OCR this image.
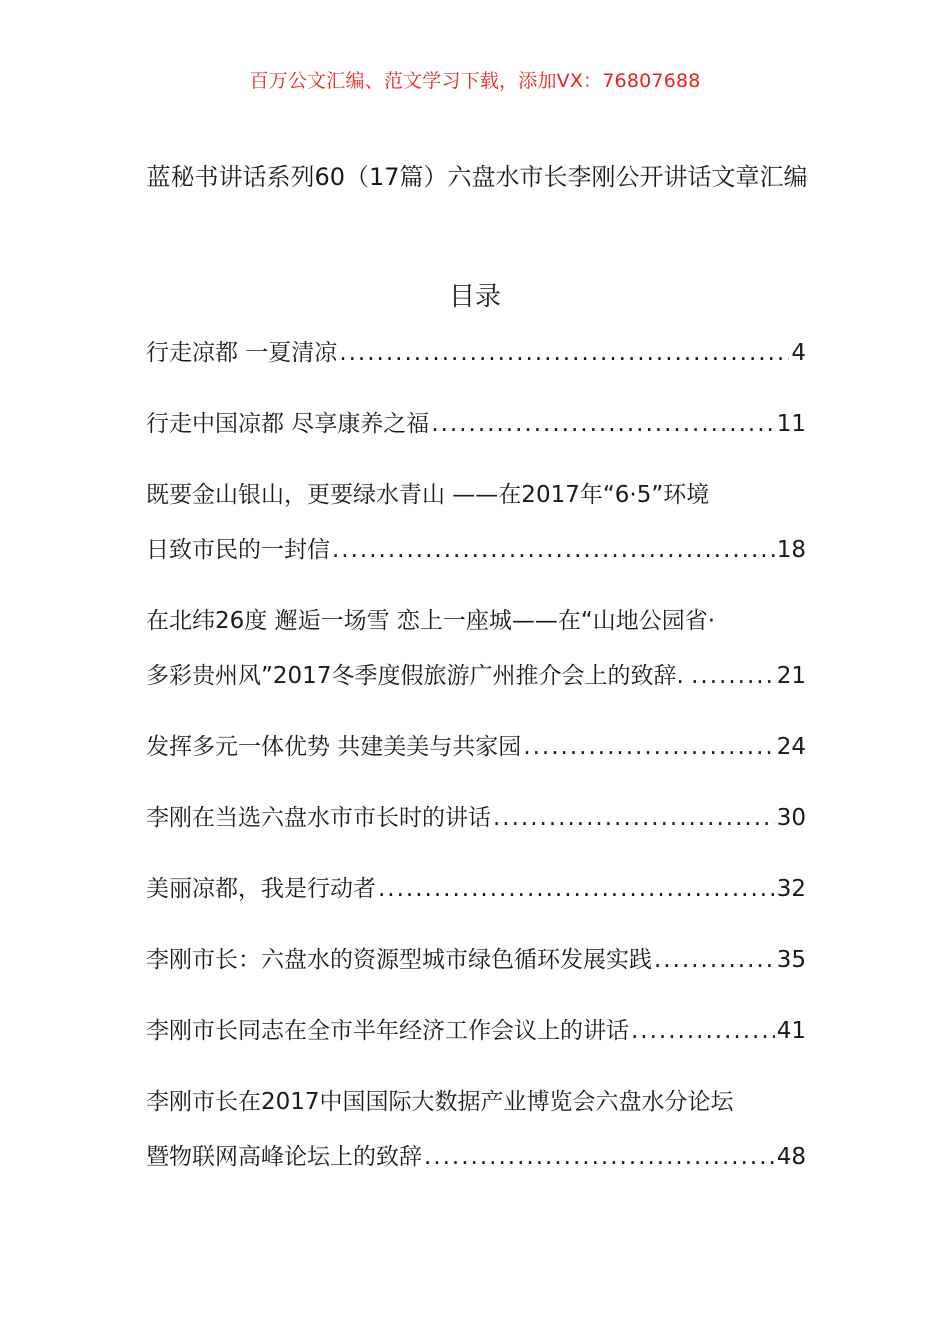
百万公文汇编、范文学习下载，添加VX：76807688
蓝秘书讲话系列60（17篇）六盘水市长李刚公开讲话文章汇编
目录
行走凉都 一夏清凉 .....	4
行走中国凉都 尽享康养之福 .....	11
既要金山银山，更要绿水青山 ——在2017年“6·5”环境
日致市民的一封信 .....	18
在北纬26度 邂逅一场雪 恋上一座城——在“山地公园省·
多彩贵州风”2017冬季度假旅游广州推介会上的致辞. . .....	21
发挥多元一体优势 共建美美与共家园 .....	24
李刚在当选六盘水市市长时的讲话 .....	30
美丽凉都，我是行动者 .....	32
李刚市长：六盘水的资源型城市绿色循环发展实践 .....	35
李刚市长同志在全市半年经济工作会议上的讲话 .....	41
李刚市长在2017中国国际大数据产业博览会六盘水分论坛
暨物联网高峰论坛上的致辞 .....	48
